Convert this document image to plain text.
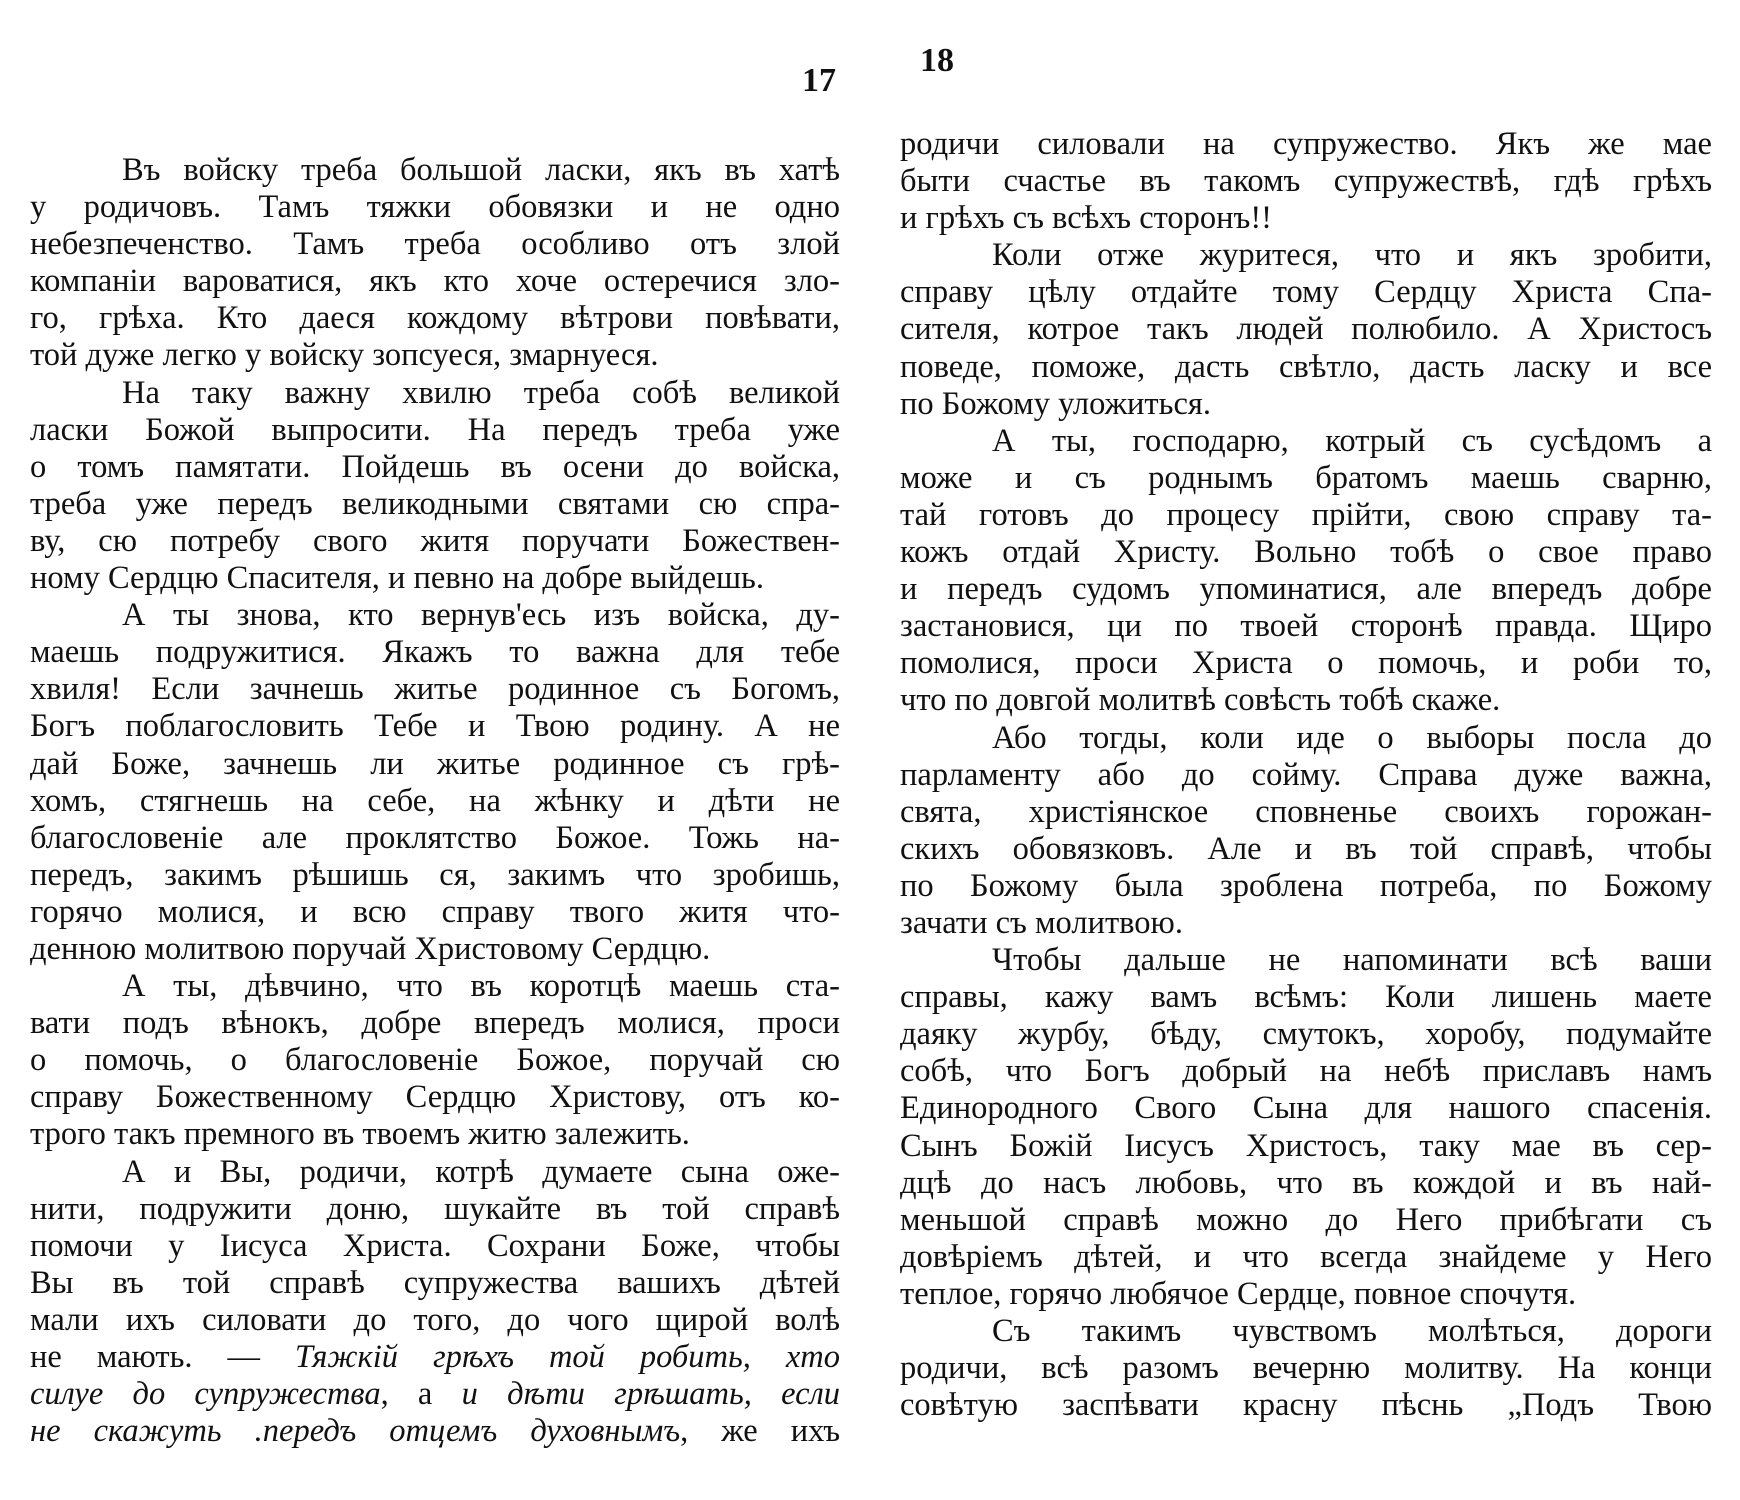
17
Въ войску треба большой ласки, якъ въ хатѣ
у родичовъ. Тамъ тяжки обовязки и не одно
небезпеченство. Тамъ треба особливо отъ злой
компанiи вароватися, якъ кто хоче остеречися зло-
го, грѣха. Кто даеся кождому вѣтрови повѣвати,
той дуже легко у войску зопсуеся, змарнуеся.
На таку важну хвилю треба собѣ великой
ласки Божой выпросити. На передъ треба уже
о томъ памятати. Пойдешь въ осени до войска,
треба уже передъ великодными святами сю спра-
ву, сю потребу свого житя поручати Божествен-
ному Сердцю Спасителя, и певно на добре выйдешь.
А ты знова, кто вернув'есь изъ войска, ду-
маешь подружитися. Якажъ то важна для тебе
хвиля! Если зачнешь житье родинное съ Богомъ,
Богъ поблагословить Тебе и Твою родину. А не
дай Боже, зачнешь ли житье родинное съ грѣ-
хомъ, стягнешь на себе, на жѣнку и дѣти не
благословенiе але проклятство Божое. Тожь на-
передъ, закимъ рѣшишь ся, закимъ что зробишь,
горячо молися, и всю справу твого житя что-
денною молитвою поручай Христовому Сердцю.
А ты, дѣвчино, что въ коротцѣ маешь ста-
вати подъ вѣнокъ, добре впередъ молися, проси
о помочь, о благословенiе Божое, поручай сю
справу Божественному Сердцю Христову, отъ ко-
трого такъ премного въ твоемъ житю залежить.
А и Вы, родичи, котрѣ думаете сына оже-
нити, подружити доню, шукайте въ той справѣ
помочи у Iисуса Христа. Сохрани Боже, чтобы
Вы въ той справѣ супружества вашихъ дѣтей
мали ихъ силовати до того, до чого щирой волѣ
не мають. — Тяжкiй грѣхъ той робить, хто
силуе до супружества, а и дѣти грѣшать, если
не скажуть .передъ отцемъ духовнымъ, же ихъ
18
родичи силовали на супружество. Якъ же мае
быти счастье въ такомъ супружествѣ, гдѣ грѣхъ
и грѣхъ съ всѣхъ сторонъ!!
Коли отже журитеся, что и якъ зробити,
справу цѣлу отдайте тому Сердцу Христа Спа-
сителя, котрое такъ людей полюбило. А Христосъ
поведе, поможе, дасть свѣтло, дасть ласку и все
по Божому уложиться.
А ты, господарю, котрый съ сусѣдомъ а
може и съ роднымъ братомъ маешь сварню,
тай готовъ до процесу прiйти, свою справу та-
кожъ отдай Христу. Вольно тобѣ о свое право
и передъ судомъ упоминатися, але впередъ добре
застановися, ци по твоей сторонѣ правда. Щиро
помолися, проси Христа о помочь, и роби то,
что по довгой молитвѣ совѣсть тобѣ скаже.
Або тогды, коли иде о выборы посла до
парламенту або до сойму. Справа дуже важна,
свята, христiянское сповненье своихъ горожан-
скихъ обовязковъ. Але и въ той справѣ, чтобы
по Божому была зроблена потреба, по Божому
зачати съ молитвою.
Чтобы дальше не напоминати всѣ ваши
справы, кажу вамъ всѣмъ: Коли лишень маете
даяку журбу, бѣду, смутокъ, хоробу, подумайте
собѣ, что Богъ добрый на небѣ приславъ намъ
Единородного Свого Сына для нашого спасенiя.
Сынъ Божiй Iисусъ Христосъ, таку мае въ сер-
дцѣ до насъ любовь, что въ кождой и въ най-
меньшой справѣ можно до Него прибѣгати съ
довѣрiемъ дѣтей, и что всегда знайдеме у Него
теплое, горячо любячое Сердце, повное спочутя.
Съ такимъ чувствомъ молѣться, дороги
родичи, всѣ разомъ вечерню молитву. На конци
совѣтую заспѣвати красну пѣснь „Подъ Твою
